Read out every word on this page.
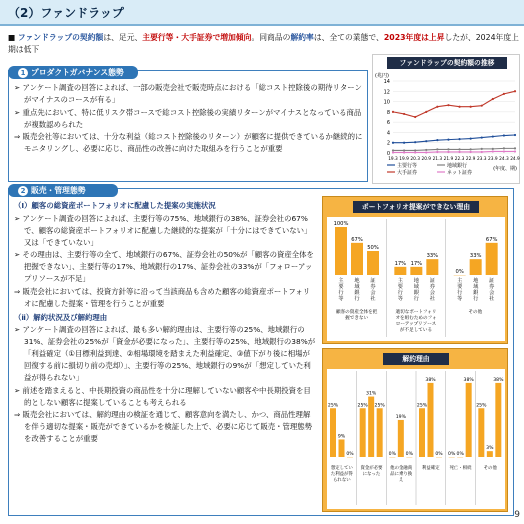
（2）ファンドラップ
■ ファンドラップの契約額は、足元、主要行等・大手証券で増加傾向。同商品の解約率は、全ての業態で、2023年度は上昇したが、2024年度上期は低下
1 プロダクトガバナンス態勢

➢ アンケート調査の回答によれば、一部の販売会社で販売時点における「総コスト控除後の期待リターンがマイナスのコースが有る」

➢ 重点先において、特に低リスク帯コースで総コスト控除後の実績リターンがマイナスとなっている商品が複数認められた

⇒ 販売会社等においては、十分な利益（総コスト控除後のリターン）が顧客に提供できているか継続的にモニタリングし、必要に応じ、商品性の改善に向けた取組みを行うことが重要

ファンドラップの契約額の推移
(兆円)
0
2
4
6
8
10
12
14
19.3 19.9 20.3 20.9 21.3 21.9 22.3 22.9 23.3 23.9 24.3 24.9
主要行等	地域銀行
大手証券	ネット証券
(年度、期)
2 販売・管理態勢

（Ⅰ）顧客の総資産ポートフォリオに配慮した提案の実施状況

➢ アンケート調査の回答によれば、主要行等の75%、地域銀行の38%、証券会社の67%で、顧客の総資産ポートフォリオに配慮した継続的な提案が「十分にはできていない」又は「できていない」

➢ その理由は、主要行等の全て、地域銀行の67%、証券会社の50%が「顧客の資産全体を把握できない」、主要行等の17%、地域銀行の17%、証券会社の33%が「フォローアップリソースが不足」

⇒ 販売会社においては、投資方針等に沿って当該商品も含めた顧客の総資産ポートフォリオに配慮した提案・管理を行うことが重要

（ⅱ）解約状況及び解約理由

➢ アンケート調査の回答によれば、最も多い解約理由は、主要行等の25%、地域銀行の31%、証券会社の25%が「資金が必要になった」、主要行等の25%、地域銀行の38%が「利益確定（①目標利益到達、②相場環境を踏まえた利益確定、③値下がり後に相場が回復する前に損切り前の売却）」、主要行等の25%、地域銀行の9%が「想定していた利益が得られない」

➢ 前述を踏まえると、中長期投資の商品性を十分に理解していない顧客や中長期投資を目的としない顧客に提案していることも考えられる

⇒ 販売会社においては、解約理由の検証を通じて、顧客意向を満たし、かつ、商品性理解を伴う適切な提案・販売ができているかを検証した上で、必要に応じて販売・管理態勢を改善することが重要

ポートフォリオ提案ができない理由
100%
主
要
行
等
67%
地
域
銀
行
50%
証
券
会
社
顧客の資産全体を把
握できない
17%
主
要
行
等
17%
地
域
銀
行
33%
証
券
会
社
適切なポートフォリ
オを組むためのフォ
ローアップリソース
が不足している
0%
主
要
行
等
33%
地
域
銀
行
67%
証
券
会
社
その他
解約理由
25%
9%
0%
想定してい
た利益が得
られない
25%
31%
25%
資金が必要
になった
0%
19%
0%
他の金融商
品に乗り換
え
25%
38%
0%
利益確定
0% 0%
38%
死亡・相続
25%
3%
38%
その他
9
